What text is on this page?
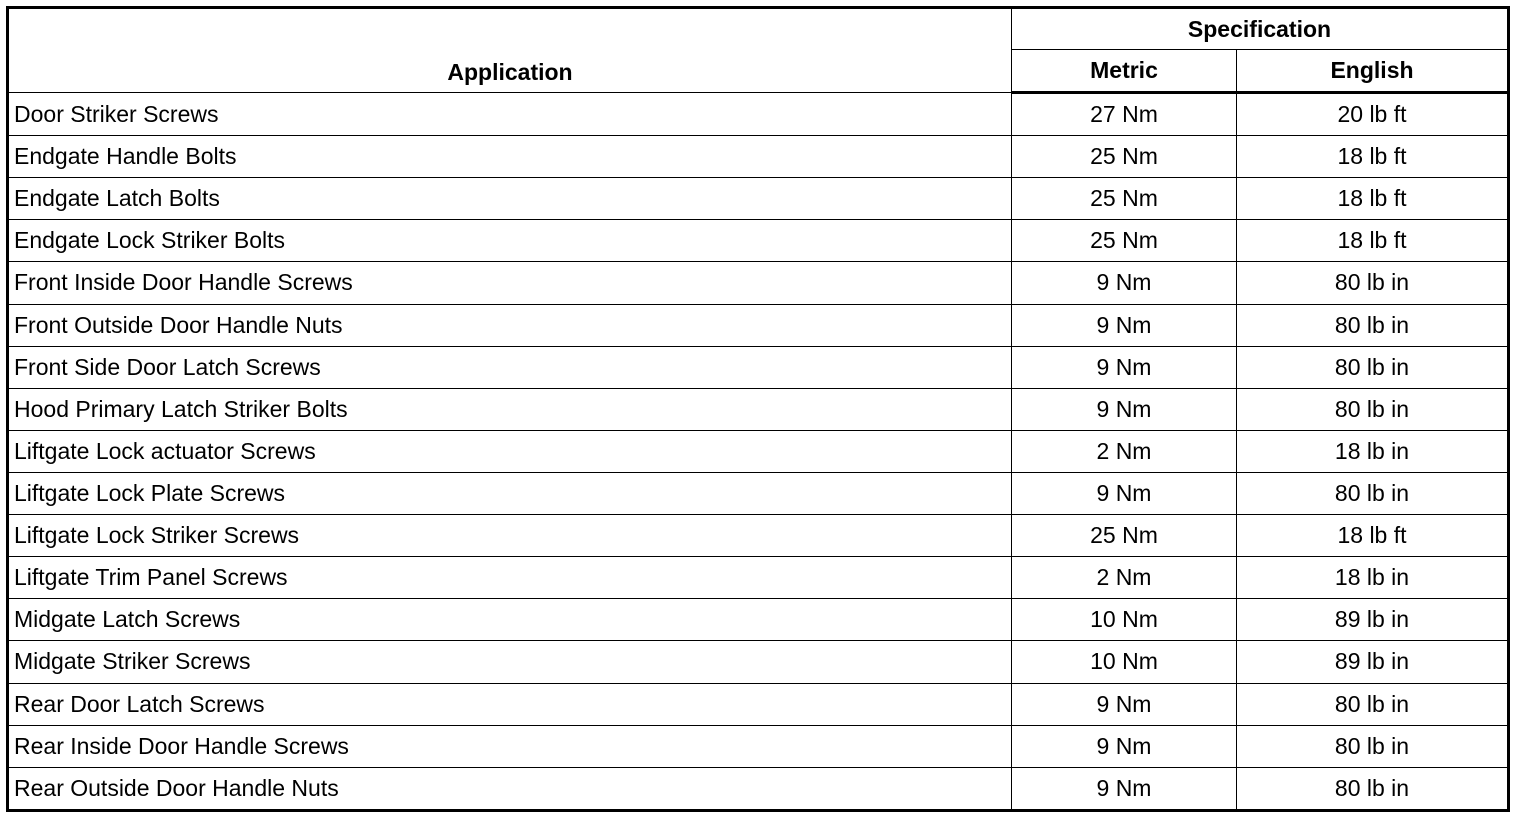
Application	Specification	
	Metric	English
Door Striker Screws	27 Nm	20 lb ft
Endgate Handle Bolts	25 Nm	18 lb ft
Endgate Latch Bolts	25 Nm	18 lb ft
Endgate Lock Striker Bolts	25 Nm	18 lb ft
Front Inside Door Handle Screws	9 Nm	80 lb in
Front Outside Door Handle Nuts	9 Nm	80 lb in
Front Side Door Latch Screws	9 Nm	80 lb in
Hood Primary Latch Striker Bolts	9 Nm	80 lb in
Liftgate Lock actuator Screws	2 Nm	18 lb in
Liftgate Lock Plate Screws	9 Nm	80 lb in
Liftgate Lock Striker Screws	25 Nm	18 lb ft
Liftgate Trim Panel Screws	2 Nm	18 lb in
Midgate Latch Screws	10 Nm	89 lb in
Midgate Striker Screws	10 Nm	89 lb in
Rear Door Latch Screws	9 Nm	80 lb in
Rear Inside Door Handle Screws	9 Nm	80 lb in
Rear Outside Door Handle Nuts	9 Nm	80 lb in
